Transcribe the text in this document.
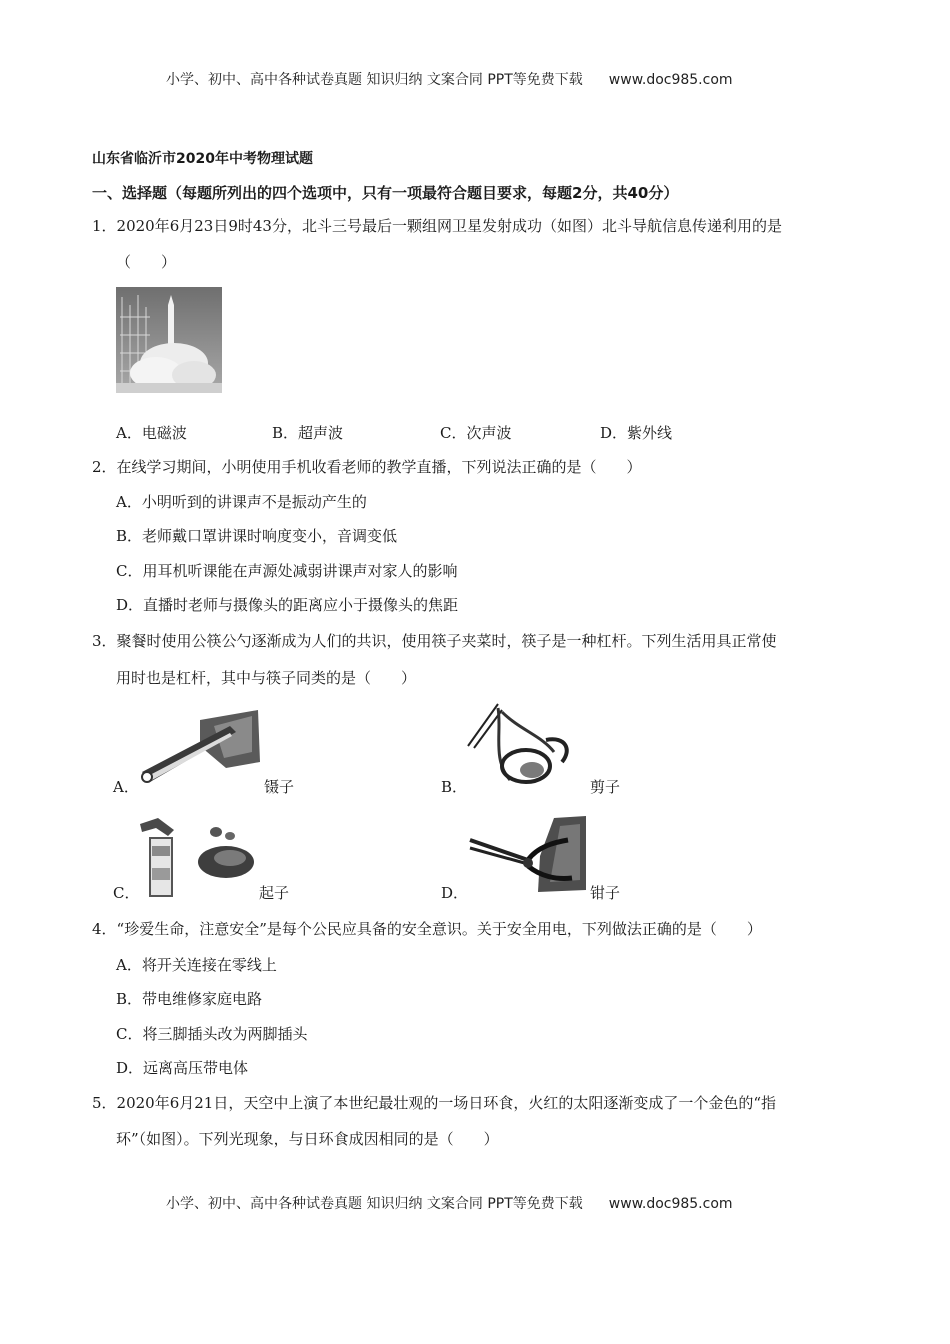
小学、初中、高中各种试卷真题 知识归纳 文案合同 PPT等免费下载 www.doc985.com
山东省临沂市2020年中考物理试题
一、选择题（每题所列出的四个选项中，只有一项最符合题目要求，每题2分，共40分）
1．2020年6月23日9时43分，北斗三号最后一颗组网卫星发射成功（如图）北斗导航信息传递利用的是
（　　）
A．电磁波	B．超声波	C．次声波	D．紫外线
2．在线学习期间，小明使用手机收看老师的教学直播，下列说法正确的是（　　）
A．小明听到的讲课声不是振动产生的
B．老师戴口罩讲课时响度变小，音调变低
C．用耳机听课能在声源处减弱讲课声对家人的影响
D．直播时老师与摄像头的距离应小于摄像头的焦距
3．聚餐时使用公筷公勺逐渐成为人们的共识，使用筷子夹菜时，筷子是一种杠杆。下列生活用具正常使
用时也是杠杆，其中与筷子同类的是（　　）
A．	镊子	B．	剪子
C．	起子	D．	钳子
4．“珍爱生命，注意安全”是每个公民应具备的安全意识。关于安全用电，下列做法正确的是（　　）
A．将开关连接在零线上
B．带电维修家庭电路
C．将三脚插头改为两脚插头
D．远离高压带电体
5．2020年6月21日，天空中上演了本世纪最壮观的一场日环食，火红的太阳逐渐变成了一个金色的“指
环”（如图）。下列光现象，与日环食成因相同的是（　　）
小学、初中、高中各种试卷真题 知识归纳 文案合同 PPT等免费下载 www.doc985.com
